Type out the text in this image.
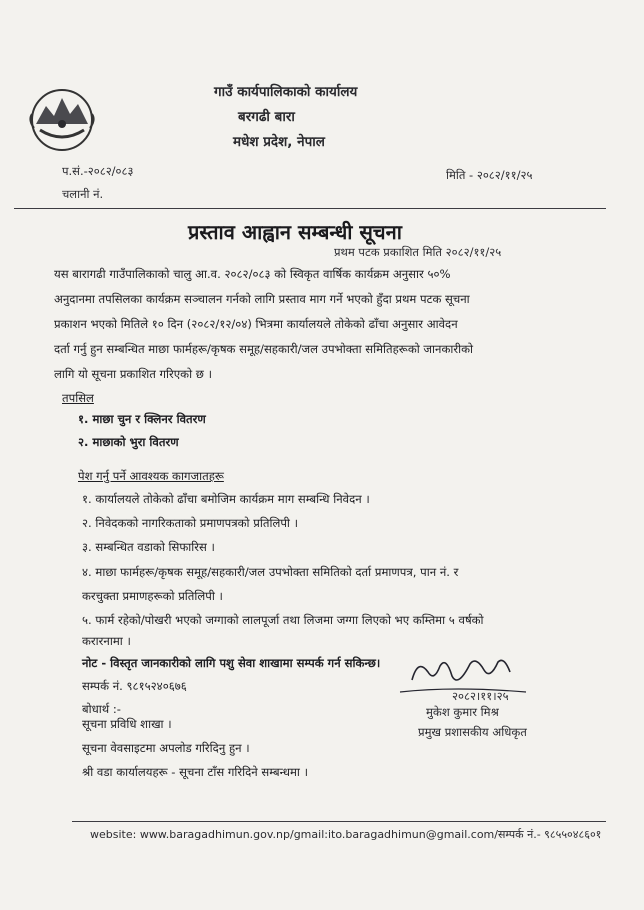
गाउँ कार्यपालिकाको कार्यालय
बरगढी बारा
मधेश प्रदेश, नेपाल
प.सं.-२०८२/०८३
चलानी नं.
मिति - २०८२/११/२५
प्रस्ताव आह्वान सम्बन्धी सूचना
प्रथम पटक प्रकाशित मिति २०८२/११/२५
यस बारागढी गाउँपालिकाको चालु आ.व. २०८२/०८३ को स्विकृत वार्षिक कार्यक्रम अनुसार ५०%
अनुदानमा तपसिलका कार्यक्रम सञ्चालन गर्नको लागि प्रस्ताव माग गर्ने भएको हुँदा प्रथम पटक सूचना
प्रकाशन भएको मितिले १० दिन (२०८२/१२/०४) भित्रमा कार्यालयले तोकेको ढाँचा अनुसार आवेदन
दर्ता गर्नु हुन सम्बन्धित माछा फार्महरू/कृषक समूह/सहकारी/जल उपभोक्ता समितिहरूको जानकारीको
लागि यो सूचना प्रकाशित गरिएको छ ।
तपसिल
१. माछा चुन र क्लिनर वितरण
२. माछाको भुरा वितरण
पेश गर्नु पर्ने आवश्यक कागजातहरू
१. कार्यालयले तोकेको ढाँचा बमोजिम कार्यक्रम माग सम्बन्धि निवेदन ।
२. निवेदकको नागरिकताको प्रमाणपत्रको प्रतिलिपी ।
३. सम्बन्धित वडाको सिफारिस ।
४. माछा फार्महरू/कृषक समूह/सहकारी/जल उपभोक्ता समितिको दर्ता प्रमाणपत्र, पान नं. र
करचुक्ता प्रमाणहरूको प्रतिलिपी ।
५. फार्म रहेको/पोखरी भएको जग्गाको लालपूर्जा तथा लिजमा जग्गा लिएको भए कम्तिमा ५ वर्षको
करारनामा ।
नोट - विस्तृत जानकारीको लागि पशु सेवा शाखामा सम्पर्क गर्न सकिन्छ।
सम्पर्क नं. ९८१५२४०६७६
बोधार्थ :-
सूचना प्रविधि शाखा ।
सूचना वेवसाइटमा अपलोड गरिदिनु हुन ।
श्री वडा कार्यालयहरू - सूचना टाँस गरिदिने सम्बन्धमा ।
२०८२।११।२५
मुकेश कुमार मिश्र
प्रमुख प्रशासकीय अधिकृत
website: www.baragadhimun.gov.np/gmail:ito.baragadhimun@gmail.com/सम्पर्क नं.- ९८५५०४८६०१
